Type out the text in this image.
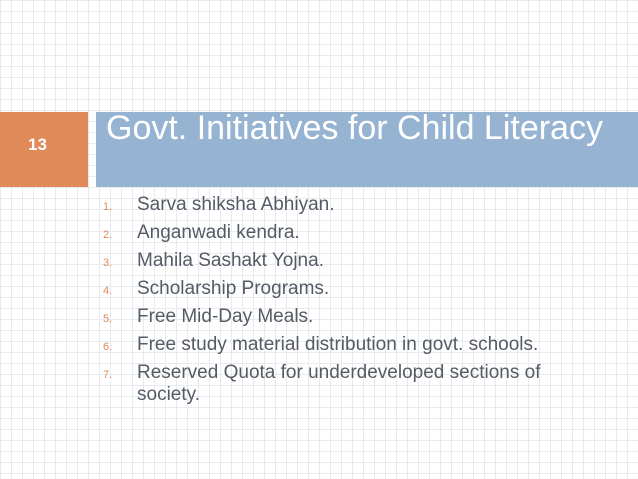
13 Govt. Initiatives for Child Literacy
1.	Sarva shiksha Abhiyan.
2.	Anganwadi kendra.
3.	Mahila Sashakt Yojna.
4.	Scholarship Programs.
5.	Free Mid-Day Meals.
6.	Free study material distribution in govt. schools.
7.	Reserved Quota for underdeveloped sections of society.
